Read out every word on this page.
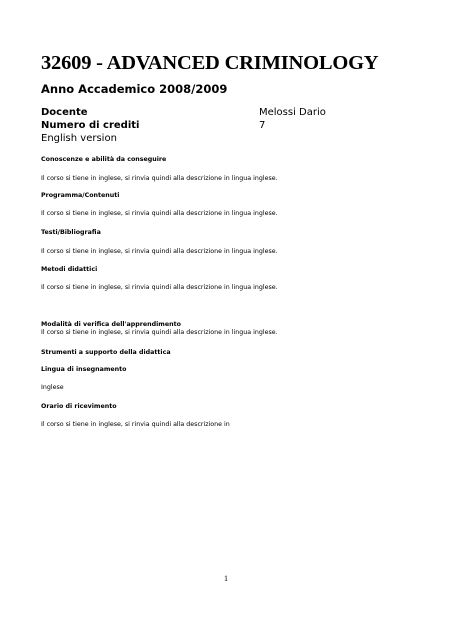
32609 - ADVANCED CRIMINOLOGY
Anno Accademico 2008/2009
Docente	Melossi Dario
Numero di crediti	7
English version
Conoscenze e abilità da conseguire
Il corso si tiene in inglese, si rinvia quindi alla descrizione in lingua inglese.
Programma/Contenuti
Il corso si tiene in inglese, si rinvia quindi alla descrizione in lingua inglese.
Testi/Bibliografia
Il corso si tiene in inglese, si rinvia quindi alla descrizione in lingua inglese.
Metodi didattici
Il corso si tiene in inglese, si rinvia quindi alla descrizione in lingua inglese.
Modalità di verifica dell'apprendimento
Il corso si tiene in inglese, si rinvia quindi alla descrizione in lingua inglese.
Strumenti a supporto della didattica
Lingua di insegnamento
Inglese
Orario di ricevimento
Il corso si tiene in inglese, si rinvia quindi alla descrizione in
1
